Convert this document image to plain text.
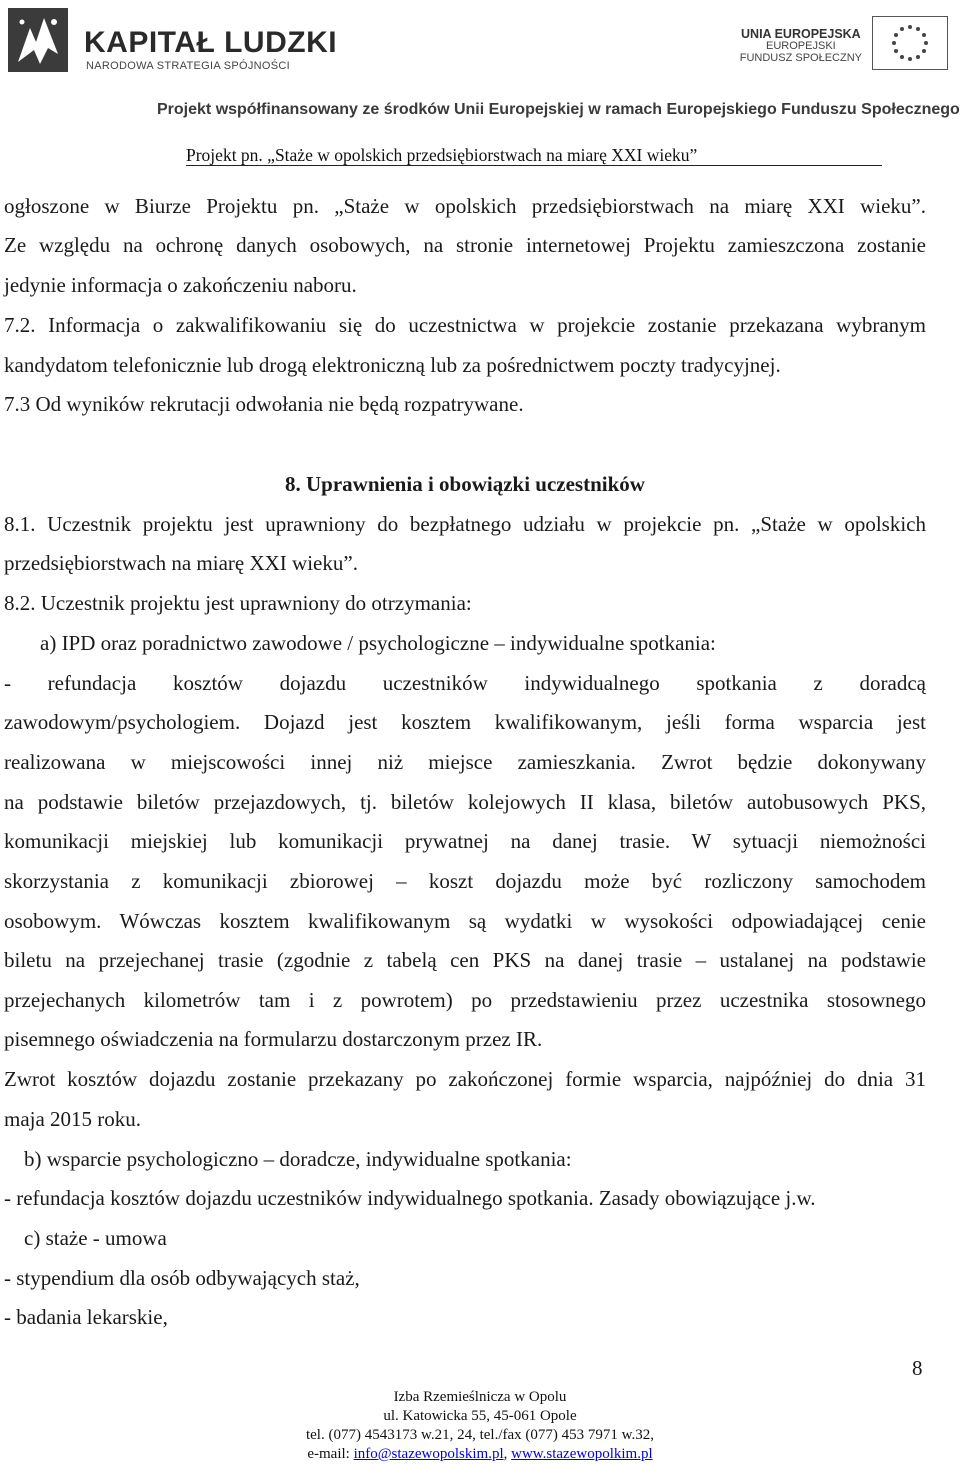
KAPITAŁ LUDZKI
NARODOWA STRATEGIA SPÓJNOŚCI
UNIA EUROPEJSKA
EUROPEJSKI
FUNDUSZ SPOŁECZNY
Projekt współfinansowany ze środków Unii Europejskiej w ramach Europejskiego Funduszu Społecznego
Projekt pn. „Staże w opolskich przedsiębiorstwach na miarę XXI wieku”
ogłoszone w Biurze Projektu pn. „Staże w opolskich przedsiębiorstwach na miarę XXI wieku”.
Ze względu na ochronę danych osobowych, na stronie internetowej Projektu zamieszczona zostanie
jedynie informacja o zakończeniu naboru.
7.2. Informacja o zakwalifikowaniu się do uczestnictwa w projekcie zostanie przekazana wybranym
kandydatom telefonicznie lub drogą elektroniczną lub za pośrednictwem poczty tradycyjnej.
7.3 Od wyników rekrutacji odwołania nie będą rozpatrywane.
8. Uprawnienia i obowiązki uczestników
8.1. Uczestnik projektu jest uprawniony do bezpłatnego udziału w projekcie pn. „Staże w opolskich
przedsiębiorstwach na miarę XXI wieku”.
8.2. Uczestnik projektu jest uprawniony do otrzymania:
a) IPD oraz poradnictwo zawodowe / psychologiczne – indywidualne spotkania:
- refundacja kosztów dojazdu uczestników indywidualnego spotkania z doradcą
zawodowym/psychologiem. Dojazd jest kosztem kwalifikowanym, jeśli forma wsparcia jest
realizowana w miejscowości innej niż miejsce zamieszkania. Zwrot będzie dokonywany
na podstawie biletów przejazdowych, tj. biletów kolejowych II klasa, biletów autobusowych PKS,
komunikacji miejskiej lub komunikacji prywatnej na danej trasie. W sytuacji niemożności
skorzystania z komunikacji zbiorowej – koszt dojazdu może być rozliczony samochodem
osobowym. Wówczas kosztem kwalifikowanym są wydatki w wysokości odpowiadającej cenie
biletu na przejechanej trasie (zgodnie z tabelą cen PKS na danej trasie – ustalanej na podstawie
przejechanych kilometrów tam i z powrotem) po przedstawieniu przez uczestnika stosownego
pisemnego oświadczenia na formularzu dostarczonym przez IR.
Zwrot kosztów dojazdu zostanie przekazany po zakończonej formie wsparcia, najpóźniej do dnia 31
maja 2015 roku.
b) wsparcie psychologiczno – doradcze, indywidualne spotkania:
- refundacja kosztów dojazdu uczestników indywidualnego spotkania. Zasady obowiązujące j.w.
c) staże - umowa
- stypendium dla osób odbywających staż,
- badania lekarskie,
8
Izba Rzemieślnicza w Opolu
ul. Katowicka 55, 45-061 Opole
tel. (077) 4543173 w.21, 24, tel./fax (077) 453 7971 w.32,
e-mail: info@stazewopolskim.pl, www.stazewopolkim.pl
